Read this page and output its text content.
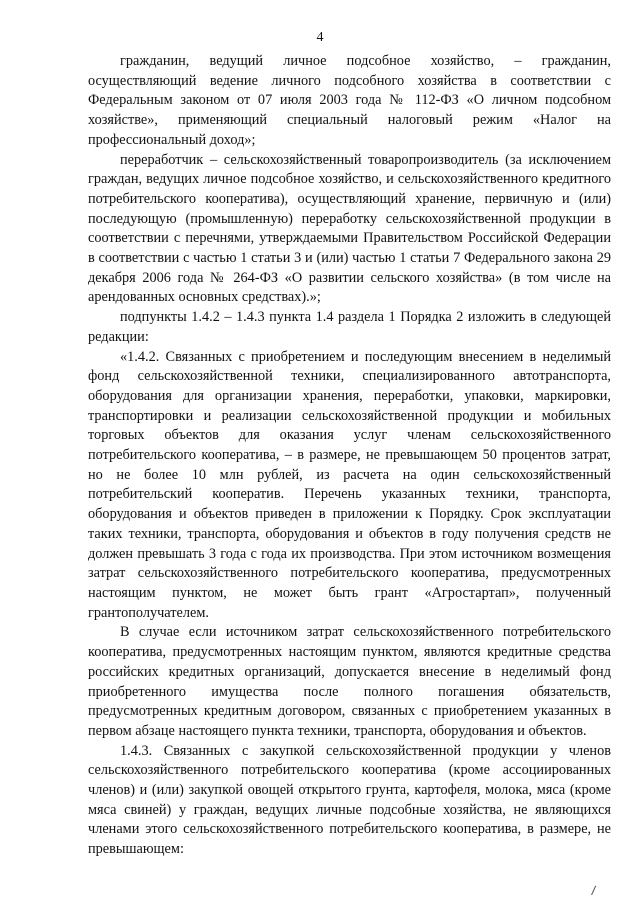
4

гражданин, ведущий личное подсобное хозяйство, – гражданин, осуществляющий ведение личного подсобного хозяйства в соответствии с Федеральным законом от 07 июля 2003 года № 112-ФЗ «О личном подсобном хозяйстве», применяющий специальный налоговый режим «Налог на профессиональный доход»;

переработчик – сельскохозяйственный товаропроизводитель (за исключением граждан, ведущих личное подсобное хозяйство, и сельскохозяйственного кредитного потребительского кооператива), осуществляющий хранение, первичную и (или) последующую (промышленную) переработку сельскохозяйственной продукции в соответствии с перечнями, утверждаемыми Правительством Российской Федерации в соответствии с частью 1 статьи 3 и (или) частью 1 статьи 7 Федерального закона 29 декабря 2006 года № 264-ФЗ «О развитии сельского хозяйства» (в том числе на арендованных основных средствах).»;

подпункты 1.4.2 – 1.4.3 пункта 1.4 раздела 1 Порядка 2 изложить в следующей редакции:

«1.4.2. Связанных с приобретением и последующим внесением в неделимый фонд сельскохозяйственной техники, специализированного автотранспорта, оборудования для организации хранения, переработки, упаковки, маркировки, транспортировки и реализации сельскохозяйственной продукции и мобильных торговых объектов для оказания услуг членам сельскохозяйственного потребительского кооператива, – в размере, не превышающем 50 процентов затрат, но не более 10 млн рублей, из расчета на один сельскохозяйственный потребительский кооператив. Перечень указанных техники, транспорта, оборудования и объектов приведен в приложении к Порядку. Срок эксплуатации таких техники, транспорта, оборудования и объектов в году получения средств не должен превышать 3 года с года их производства. При этом источником возмещения затрат сельскохозяйственного потребительского кооператива, предусмотренных настоящим пунктом, не может быть грант «Агростартап», полученный грантополучателем.

В случае если источником затрат сельскохозяйственного потребительского кооператива, предусмотренных настоящим пунктом, являются кредитные средства российских кредитных организаций, допускается внесение в неделимый фонд приобретенного имущества после полного погашения обязательств, предусмотренных кредитным договором, связанных с приобретением указанных в первом абзаце настоящего пункта техники, транспорта, оборудования и объектов.

1.4.3. Связанных с закупкой сельскохозяйственной продукции у членов сельскохозяйственного потребительского кооператива (кроме ассоциированных членов) и (или) закупкой овощей открытого грунта, картофеля, молока, мяса (кроме мяса свиней) у граждан, ведущих личные подсобные хозяйства, не являющихся членами этого сельскохозяйственного потребительского кооператива, в размере, не превышающем:
